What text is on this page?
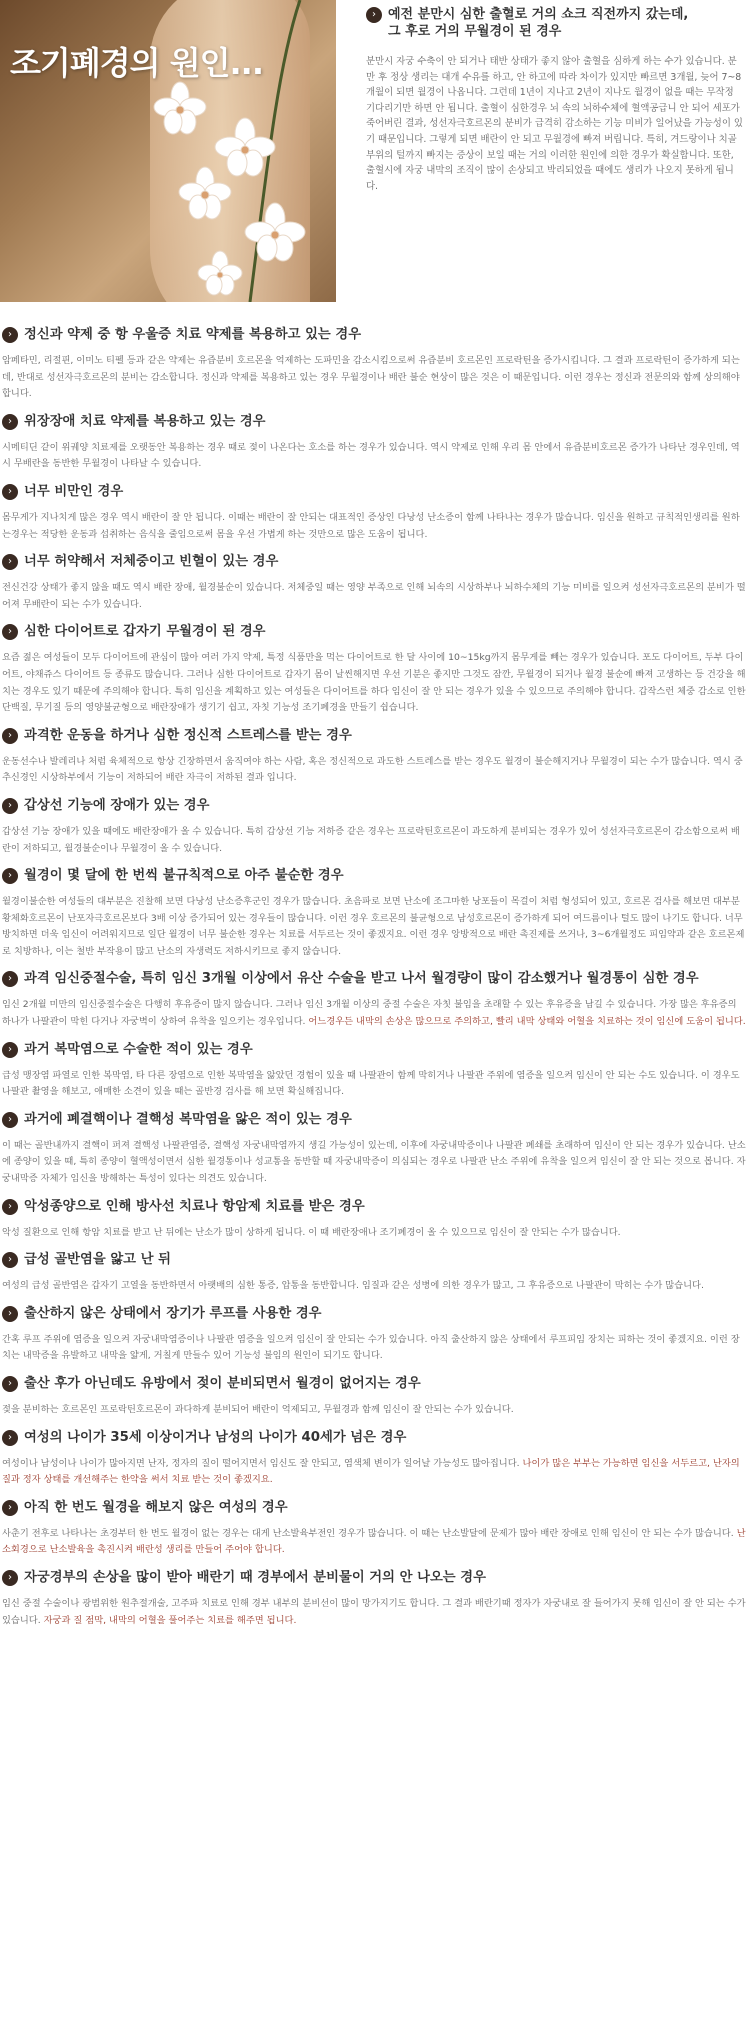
조기폐경의 원인...
› 예전 분만시 심한 출혈로 거의 쇼크 직전까지 갔는데,
그 후로 거의 무월경이 된 경우
분만시 자궁 수축이 안 되거나 태반 상태가 좋지 않아 출혈을 심하게 하는 수가 있습니다. 분만 후 정상 생리는 대개 수유를 하고, 안 하고에 따라 차이가 있지만 빠르면 3개월, 늦어 7~8개월이 되면 월경이 나옵니다. 그런데 1년이 지나고 2년이 지나도 월경이 없을 때는 무작정 기다리기만 하면 안 됩니다. 출혈이 심한경우 뇌 속의 뇌하수체에 혈액공급니 안 되어 세포가 죽어버린 결과, 성선자극호르몬의 분비가 급격히 감소하는 기능 미비가 일어났을 가능성이 있기 때문입니다. 그렇게 되면 배란이 안 되고 무월경에 빠져 버립니다. 특히, 겨드랑이나 치골 부위의 털까지 빠지는 증상이 보일 때는 거의 이러한 원인에 의한 경우가 확실합니다. 또한, 출혈시에 자궁 내막의 조직이 많이 손상되고 박리되었을 때에도 생리가 나오지 못하게 됩니다.
› 정신과 약제 중 항 우울증 치료 약제를 복용하고 있는 경우
암페타민, 리절핀, 이미노 티펠 등과 같은 약제는 유즙분비 호르몬을 억제하는 도파민을 감소시킴으로써 유즙분비 호르몬인 프로락틴을 증가시킵니다. 그 결과 프로락틴이 증가하게 되는데, 반대로 성선자극호르몬의 분비는 감소합니다. 정신과 약제를 복용하고 있는 경우 무월경이나 배란 불순 현상이 많은 것은 이 때문입니다. 이런 경우는 정신과 전문의와 함께 상의해야 합니다.
› 위장장애 치료 약제를 복용하고 있는 경우
시메티딘 같이 위궤양 치료제를 오랫동안 복용하는 경우 때로 젖이 나온다는 호소를 하는 경우가 있습니다. 역시 약제로 인해 우리 몸 안에서 유즙분비호르몬 증가가 나타난 경우인데, 역시 무배란을 동반한 무월경이 나타날 수 있습니다.
› 너무 비만인 경우
몸무게가 지나치게 많은 경우 역시 배란이 잘 안 됩니다. 이때는 배란이 잘 안되는 대표적인 증상인 다낭성 난소증이 함께 나타나는 경우가 많습니다. 임신을 원하고 규칙적인생리를 원하는경우는 적당한 운동과 섭취하는 음식을 줄임으로써 몸을 우선 가볍게 하는 것만으로 많은 도움이 됩니다.
› 너무 허약해서 저체중이고 빈혈이 있는 경우
전신건강 상태가 좋지 않을 때도 역시 배란 장애, 월경불순이 있습니다. 저체중일 때는 영양 부족으로 인해 뇌속의 시상하부나 뇌하수체의 기능 미비를 일으켜 성선자극호르몬의 분비가 떨어져 무배란이 되는 수가 있습니다.
› 심한 다이어트로 갑자기 무월경이 된 경우
요즘 젊은 여성들이 모두 다이어트에 관심이 많아 여러 가지 약제, 특정 식품만을 먹는 다이어트로 한 달 사이에 10~15kg까지 몸무게를 빼는 경우가 있습니다. 포도 다이어트, 두부 다이어트, 야채쥬스 다이어트 등 종류도 많습니다. 그러나 심한 다이어트로 갑자기 몸이 날씬해지면 우선 기분은 좋지만 그것도 잠깐, 무월경이 되거나 월경 불순에 빠져 고생하는 등 건강을 해치는 경우도 있기 때문에 주의해야 합니다. 특히 임신을 계획하고 있는 여성들은 다이어트를 하다 임신이 잘 안 되는 경우가 있을 수 있으므로 주의해야 합니다. 갑작스런 체중 감소로 인한 단백질, 무기질 등의 영양불균형으로 배란장애가 생기기 쉽고, 자칫 기능성 조기폐경을 만들기 쉽습니다.
› 과격한 운동을 하거나 심한 정신적 스트레스를 받는 경우
운동선수나 발레리나 처럼 육체적으로 항상 긴장하면서 움직여야 하는 사람, 혹은 정신적으로 과도한 스트레스를 받는 경우도 월경이 불순해지거나 무월경이 되는 수가 많습니다. 역시 중추신경인 시상하부에서 기능이 저하되어 배란 자극이 저하된 결과 입니다.
› 갑상선 기능에 장애가 있는 경우
갑상선 기능 장애가 있을 때에도 배란장애가 올 수 있습니다. 특히 갑상선 기능 저하증 같은 경우는 프로락틴호르몬이 과도하게 분비되는 경우가 있어 성선자극호르몬이 감소함으로써 배란이 저하되고, 월경불순이나 무월경이 올 수 있습니다.
› 월경이 몇 달에 한 번씩 불규칙적으로 아주 불순한 경우
월경이불순한 여성들의 대부분은 진찰해 보면 다낭성 난소증후군인 경우가 많습니다. 초음파로 보면 난소에 조그마한 낭포들이 목걸이 처럼 형성되어 있고, 호르몬 검사를 해보면 대부분 황체화호르몬이 난포자극호르몬보다 3배 이상 증가되어 있는 경우들이 많습니다. 이런 경우 호르몬의 불균형으로 남성호르몬이 증가하게 되어 여드름이나 털도 많이 나기도 합니다. 너무 방치하면 더욱 임신이 어려워지므로 일단 월경이 너무 불순한 경우는 치료를 서두르는 것이 좋겠지요. 이런 경우 앙방적으로 배란 촉진제를 쓰거나, 3~6개월정도 피임약과 같은 호르몬제로 치방하나, 이는 철반 부작용이 많고 난소의 자생력도 저하시키므로 좋지 않습니다.
› 과격 임신중절수술, 특히 임신 3개월 이상에서 유산 수술을 받고 나서 월경량이 많이 감소했거나 월경통이 심한 경우
임신 2개월 미만의 임신중절수술은 다행히 후유증이 많지 않습니다. 그러나 임신 3개월 이상의 중절 수술은 자칫 불임을 초래할 수 있는 후유증을 남길 수 있습니다. 가장 많은 후유증의 하나가 나팔관이 막힌 다거나 자궁벽이 상하여 유착을 일으키는 경우입니다. 어느경우든 내막의 손상은 많으므로 주의하고, 빨리 내막 상태와 어혈을 치료하는 것이 임신에 도움이 됩니다.
› 과거 복막염으로 수술한 적이 있는 경우
급성 맹장염 파열로 인한 복막염, 타 다른 장염으로 인한 복막염을 앓았던 경험이 있을 때 나팔관이 함께 막히거나 나팔관 주위에 염증을 일으켜 임신이 안 되는 수도 있습니다. 이 경우도 나팔관 촬영을 해보고, 애매한 소견이 있을 때는 골반경 검사를 해 보면 확실해집니다.
› 과거에 폐결핵이나 결핵성 복막염을 앓은 적이 있는 경우
이 때는 골반내까지 결핵이 퍼져 결핵성 나팔관염증, 결핵성 자궁내막염까지 생길 가능성이 있는데, 이후에 자궁내막증이나 나팔관 폐쇄를 초래하여 임신이 안 되는 경우가 있습니다. 난소에 종양이 있을 때, 특히 종양이 혈액성이면서 심한 월경통이나 성교통을 동반할 때 자궁내막증이 의심되는 경우로 나팔관 난소 주위에 유착을 일으켜 임신이 잘 안 되는 것으로 봅니다. 자궁내막증 자체가 임신을 방해하는 특성이 있다는 의견도 있습니다.
› 악성종양으로 인해 방사선 치료나 항암제 치료를 받은 경우
악성 질환으로 인해 항암 치료를 받고 난 뒤에는 난소가 많이 상하게 됩니다. 이 때 배란장애나 조기폐경이 올 수 있으므로 임신이 잘 안되는 수가 많습니다.
› 급성 골반염을 앓고 난 뒤
여성의 급성 골반염은 갑자기 고열을 동반하면서 아랫배의 심한 통증, 압통을 동반합니다. 임질과 같은 성병에 의한 경우가 많고, 그 후유증으로 나팔관이 막히는 수가 많습니다.
› 출산하지 않은 상태에서 장기가 루프를 사용한 경우
간혹 루프 주위에 염증을 일으켜 자궁내막염증이나 나팔관 염증을 일으켜 임신이 잘 안되는 수가 있습니다. 아직 출산하지 않은 상태에서 루프피임 장치는 피하는 것이 좋겠지요. 이런 장치는 내막증을 유발하고 내막을 얇게, 거칠게 만들수 있어 기능성 불임의 원인이 되기도 합니다.
› 출산 후가 아닌데도 유방에서 젖이 분비되면서 월경이 없어지는 경우
젖을 분비하는 호르몬인 프로락틴호르몬이 과다하게 분비되어 배란이 억제되고, 무월경과 함께 임신이 잘 안되는 수가 있습니다.
› 여성의 나이가 35세 이상이거나 남성의 나이가 40세가 넘은 경우
여성이나 남성이나 나이가 많아지면 난자, 정자의 질이 떨어지면서 임신도 잘 안되고, 염색체 변이가 일어날 가능성도 많아집니다. 나이가 많은 부부는 가능하면 임신을 서두르고, 난자의 질과 정자 상태를 개선해주는 한약을 써서 치료 받는 것이 좋겠지요.
› 아직 한 번도 월경을 해보지 않은 여성의 경우
사춘기 전후로 나타나는 초경부터 한 번도 월경이 없는 경우는 대게 난소발육부전인 경우가 많습니다. 이 때는 난소발달에 문제가 많아 배란 장애로 인해 임신이 안 되는 수가 많습니다. 난소회경으로 난소발육을 촉진시켜 배란성 생리를 만들어 주어야 합니다.
› 자궁경부의 손상을 많이 받아 배란기 때 경부에서 분비물이 거의 안 나오는 경우
임신 중절 수술이나 광범위한 원추절개술, 고주파 치료로 인해 경부 내부의 분비선이 많이 망가지기도 합니다. 그 결과 배란기때 정자가 자궁내로 잘 들어가지 못해 임신이 잘 안 되는 수가 있습니다. 자궁과 질 점막, 내막의 어혈을 풀어주는 치료를 해주면 됩니다.
